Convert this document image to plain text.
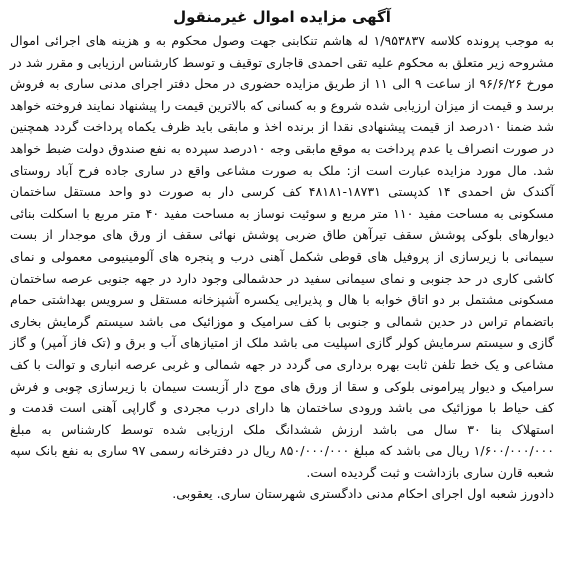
آگهی مزایده اموال غیرمنقول

به موجب پرونده کلاسه ۱/۹۵۳۸۳۷ له هاشم تنکابنی جهت وصول محکوم به و هزینه های اجرائی اموال مشروحه زیر متعلق به محکوم علیه تقی احمدی قاجاری توقیف و توسط کارشناس ارزیابی و مقرر شد در مورخ ۹۶/۶/۲۶ از ساعت ۹ الی ۱۱ از طریق مزایده حضوری در محل دفتر اجرای مدنی ساری به فروش برسد و قیمت از میزان ارزیابی شده شروع و به کسانی که بالاترین قیمت را پیشنهاد نمایند فروخته خواهد شد ضمنا ۱۰درصد از قیمت پیشنهادی نقدا از برنده اخذ و مابقی باید ظرف یکماه پرداخت گردد همچنین در صورت انصراف یا عدم پرداخت به موقع مابقی وجه ۱۰درصد سپرده به نفع صندوق دولت ضبط خواهد شد. مال مورد مزایده عبارت است از: ملک به صورت مشاعی واقع در ساری جاده فرح آباد روستای آکندک ش احمدی ۱۴ کدپستی ۱۸۷۳۱-۴۸۱۸۱ کف کرسی دار به صورت دو واحد مستقل ساختمان مسکونی به مساحت مفید ۱۱۰ متر مربع و سوئیت نوساز به مساحت مفید ۴۰ متر مربع با اسکلت بنائی دیوارهای بلوکی پوشش سقف تیرآهن طاق ضربی پوشش نهائی سقف از ورق های موجدار از بست سیمانی با زیرسازی از پروفیل های قوطی شکمل آهنی درب و پنجره های آلومینیومی معمولی و نمای کاشی کاری در حد جنوبی و نمای سیمانی سفید در حدشمالی وجود دارد در جهه جنوبی عرصه ساختمان مسکونی مشتمل بر دو اتاق خوابه با هال و پذیرایی یکسره آشپزخانه مستقل و سرویس بهداشتی حمام باتضمام تراس در حدین شمالی و جنوبی با کف سرامیک و موزائیک می باشد سیستم گرمایش بخاری گازی و سیستم سرمایش کولر گازی اسپلیت می باشد ملک از امتیازهای آب و برق و (تک فاز آمپر) و گاز مشاعی و یک خط تلفن ثابت بهره برداری می گردد در جهه شمالی و غربی عرصه انباری و توالت با کف سرامیک و دیوار پیرامونی بلوکی و سقا از ورق های موج دار آزبست سیمان با زیرسازی چوبی و فرش کف حیاط با موزائیک می باشد ورودی ساختمان ها دارای درب مجردی و گاراپی آهنی است قدمت و استهلاک بنا ۳۰ سال می باشد ارزش ششدانگ ملک ارزیابی شده توسط کارشناس به مبلغ ۱/۶۰۰/۰۰۰/۰۰۰ ریال می باشد که مبلغ ۸۵۰/۰۰۰/۰۰۰ ریال در دفترخانه رسمی ۹۷ ساری به نفع بانک سپه شعبه قارن ساری بازداشت و ثبت گردیده است.

دادورز شعبه اول اجرای احکام مدنی دادگستری شهرستان ساری. یعقوبی.
